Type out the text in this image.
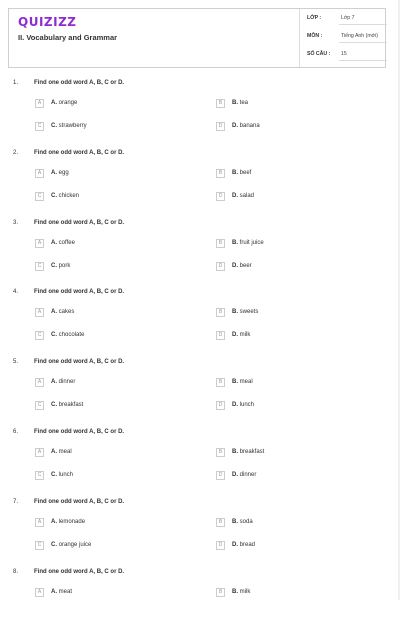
QUIZIZZ
II. Vocabulary and Grammar
LỚP :	Lớp 7
MÔN :	Tiếng Anh (mới)
SỐ CÂU : 15
1.	Find one odd word A, B, C or D.
A	A. orange	B	B. tea
C	C. strawberry	D	D. banana
2.	Find one odd word A, B, C or D.
A	A. egg	B	B. beef
C	C. chicken	D	D. salad
3.	Find one odd word A, B, C or D.
A	A. coffee	B	B. fruit juice
C	C. pork	D	D. beer
4.	Find one odd word A, B, C or D.
A	A. cakes	B	B. sweets
C	C. chocolate	D	D. milk
5.	Find one odd word A, B, C or D.
A	A. dinner	B	B. meal
C	C. breakfast	D	D. lunch
6.	Find one odd word A, B, C or D.
A	A. meal	B	B. breakfast
C	C. lunch	D	D. dinner
7.	Find one odd word A, B, C or D.
A	A. lemonade	B	B. soda
C	C. orange juice	D	D. bread
8.	Find one odd word A, B, C or D.
A	A. meat	B	B. milk
